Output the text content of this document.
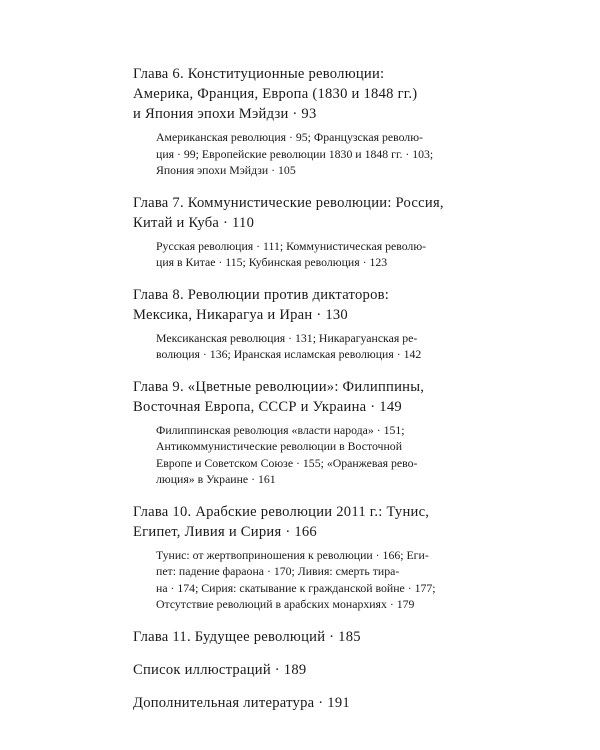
Глава 6. Конституционные революции:
Америка, Франция, Европа (1830 и 1848 гг.)
и Япония эпохи Мэйдзи · 93
Американская революция · 95; Французская револю-
ция · 99; Европейские революции 1830 и 1848 гг. · 103;
Япония эпохи Мэйдзи · 105
Глава 7. Коммунистические революции: Россия,
Китай и Куба · 110
Русская революция · 111; Коммунистическая револю-
ция в Китае · 115; Кубинская революция · 123
Глава 8. Революции против диктаторов:
Мексика, Никарагуа и Иран · 130
Мексиканская революция · 131; Никарагуанская ре-
волюция · 136; Иранская исламская революция · 142
Глава 9. «Цветные революции»: Филиппины,
Восточная Европа, СССР и Украина · 149
Филиппинская революция «власти народа» · 151;
Антикоммунистические революции в Восточной
Европе и Советском Союзе · 155; «Оранжевая рево-
люция» в Украине · 161
Глава 10. Арабские революции 2011 г.: Тунис,
Египет, Ливия и Сирия · 166
Тунис: от жертвоприношения к революции · 166; Еги-
пет: падение фараона · 170; Ливия: смерть тира-
на · 174; Сирия: скатывание к гражданской войне · 177;
Отсутствие революций в арабских монархиях · 179
Глава 11. Будущее революций · 185
Список иллюстраций · 189
Дополнительная литература · 191
